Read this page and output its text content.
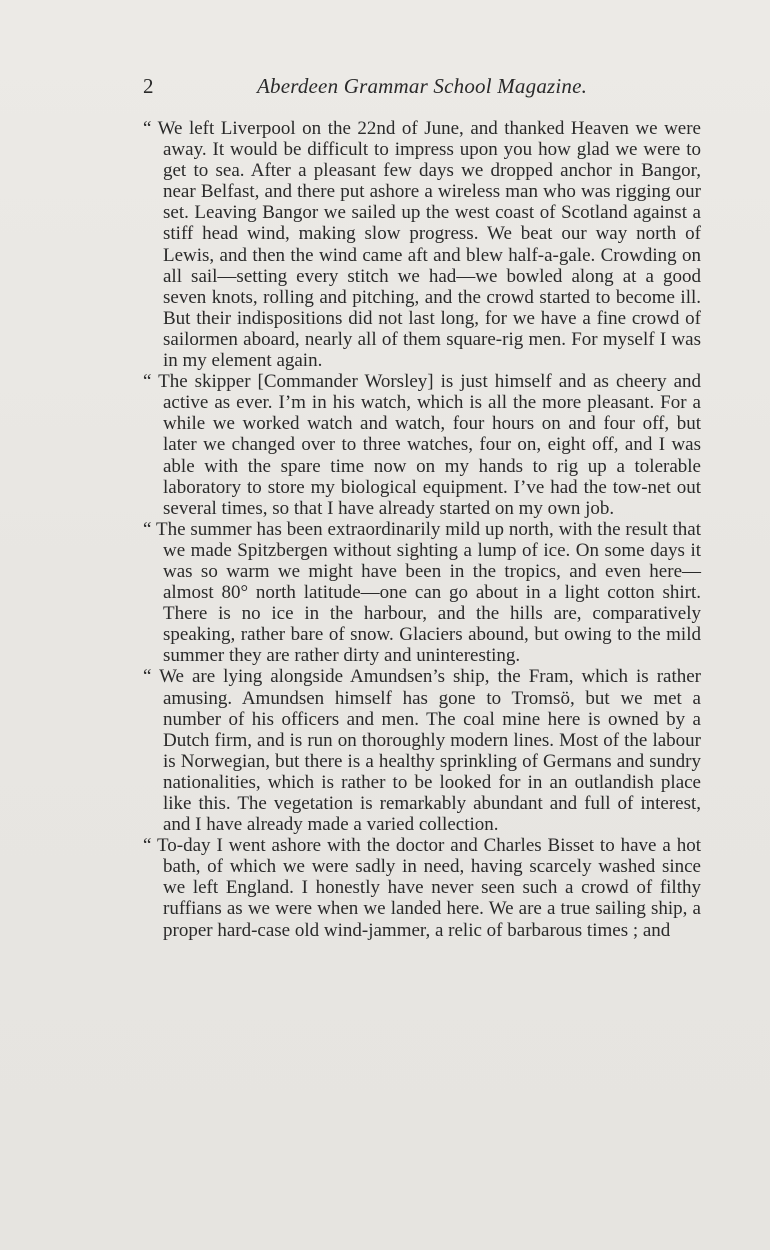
2	Aberdeen Grammar School Magazine.

“ We left Liverpool on the 22nd of June, and thanked Heaven we were away. It would be difficult to impress upon you how glad we were to get to sea. After a pleasant few days we dropped anchor in Bangor, near Belfast, and there put ashore a wireless man who was rigging our set. Leaving Bangor we sailed up the west coast of Scotland against a stiff head wind, making slow progress. We beat our way north of Lewis, and then the wind came aft and blew half-a-gale. Crowding on all sail—setting every stitch we had—we bowled along at a good seven knots, rolling and pitching, and the crowd started to become ill. But their indispositions did not last long, for we have a fine crowd of sailormen aboard, nearly all of them square-rig men. For myself I was in my element again.

“ The skipper [Commander Worsley] is just himself and as cheery and active as ever. I’m in his watch, which is all the more pleasant. For a while we worked watch and watch, four hours on and four off, but later we changed over to three watches, four on, eight off, and I was able with the spare time now on my hands to rig up a tolerable laboratory to store my biological equipment. I’ve had the tow-net out several times, so that I have already started on my own job.

“ The summer has been extraordinarily mild up north, with the result that we made Spitzbergen without sighting a lump of ice. On some days it was so warm we might have been in the tropics, and even here—almost 80° north latitude—one can go about in a light cotton shirt. There is no ice in the harbour, and the hills are, comparatively speaking, rather bare of snow. Glaciers abound, but owing to the mild summer they are rather dirty and uninteresting.

“ We are lying alongside Amundsen’s ship, the Fram, which is rather amusing. Amundsen himself has gone to Tromsö, but we met a number of his officers and men. The coal mine here is owned by a Dutch firm, and is run on thoroughly modern lines. Most of the labour is Norwegian, but there is a healthy sprinkling of Germans and sundry nationalities, which is rather to be looked for in an outlandish place like this. The vegetation is remarkably abundant and full of interest, and I have already made a varied collection.

“ To-day I went ashore with the doctor and Charles Bisset to have a hot bath, of which we were sadly in need, having scarcely washed since we left England. I honestly have never seen such a crowd of filthy ruffians as we were when we landed here. We are a true sailing ship, a proper hard-case old wind-jammer, a relic of barbarous times ; and
